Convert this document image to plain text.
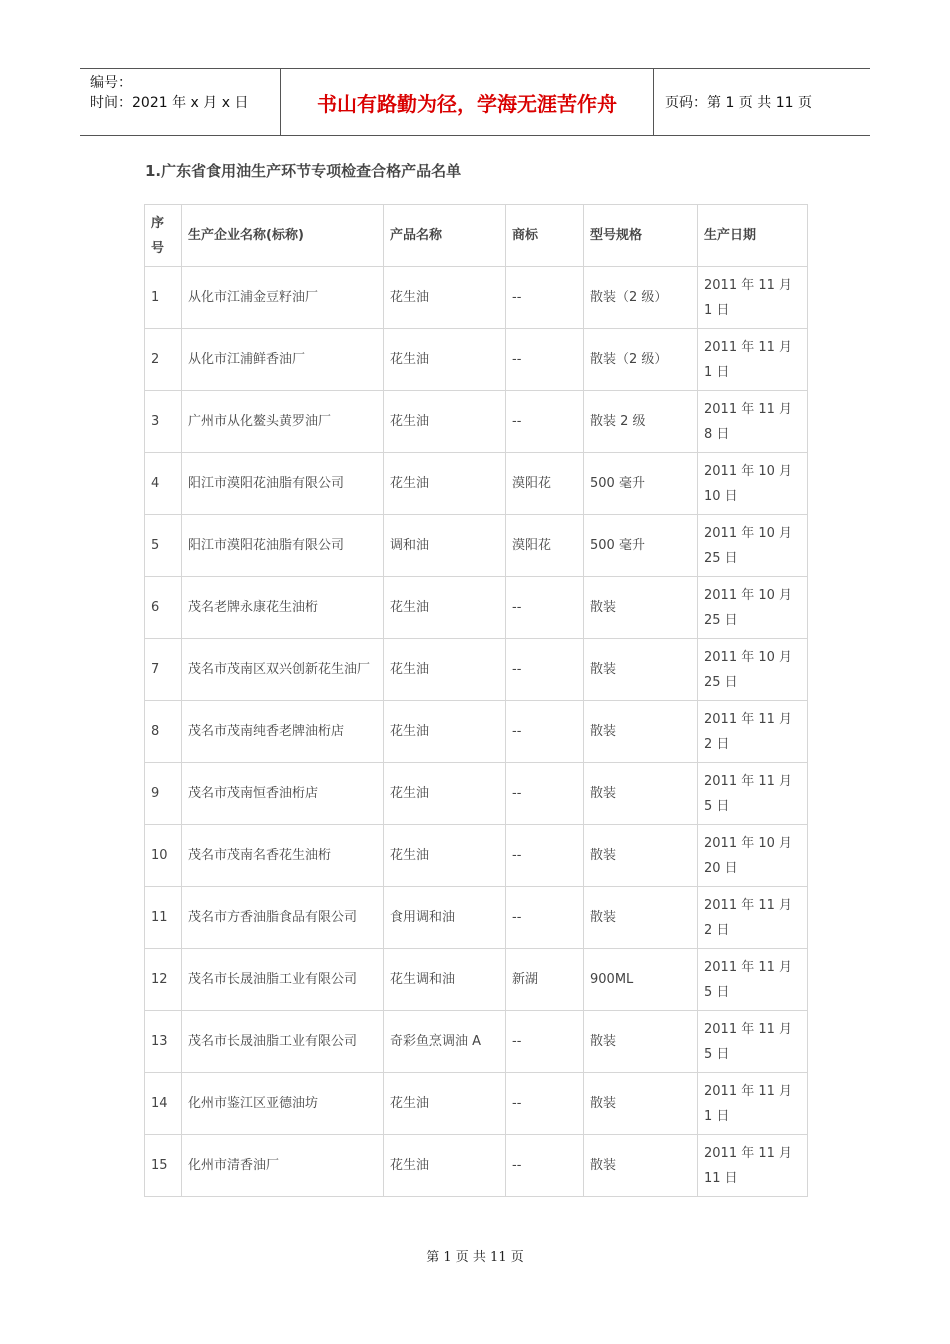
编号：
时间：2021 年 x 月 x 日	书山有路勤为径，学海无涯苦作舟	页码：第 1 页 共 11 页
1.广东省食用油生产环节专项检查合格产品名单
序号	生产企业名称(标称)	产品名称	商标	型号规格	生产日期
1	从化市江浦金豆籽油厂	花生油	--	散装（2 级）	2011 年 11 月 1 日
2	从化市江浦鲜香油厂	花生油	--	散装（2 级）	2011 年 11 月 1 日
3	广州市从化鳌头黄罗油厂	花生油	--	散装 2 级	2011 年 11 月 8 日
4	阳江市漠阳花油脂有限公司	花生油	漠阳花	500 毫升	2011 年 10 月 10 日
5	阳江市漠阳花油脂有限公司	调和油	漠阳花	500 毫升	2011 年 10 月 25 日
6	茂名老牌永康花生油桁	花生油	--	散装	2011 年 10 月 25 日
7	茂名市茂南区双兴创新花生油厂	花生油	--	散装	2011 年 10 月 25 日
8	茂名市茂南纯香老牌油桁店	花生油	--	散装	2011 年 11 月 2 日
9	茂名市茂南恒香油桁店	花生油	--	散装	2011 年 11 月 5 日
10	茂名市茂南名香花生油桁	花生油	--	散装	2011 年 10 月 20 日
11	茂名市方香油脂食品有限公司	食用调和油	--	散装	2011 年 11 月 2 日
12	茂名市长晟油脂工业有限公司	花生调和油	新湖	900ML	2011 年 11 月 5 日
13	茂名市长晟油脂工业有限公司	奇彩鱼烹调油 A	--	散装	2011 年 11 月 5 日
14	化州市鉴江区亚德油坊	花生油	--	散装	2011 年 11 月 1 日
15	化州市清香油厂	花生油	--	散装	2011 年 11 月 11 日
第 1 页 共 11 页
